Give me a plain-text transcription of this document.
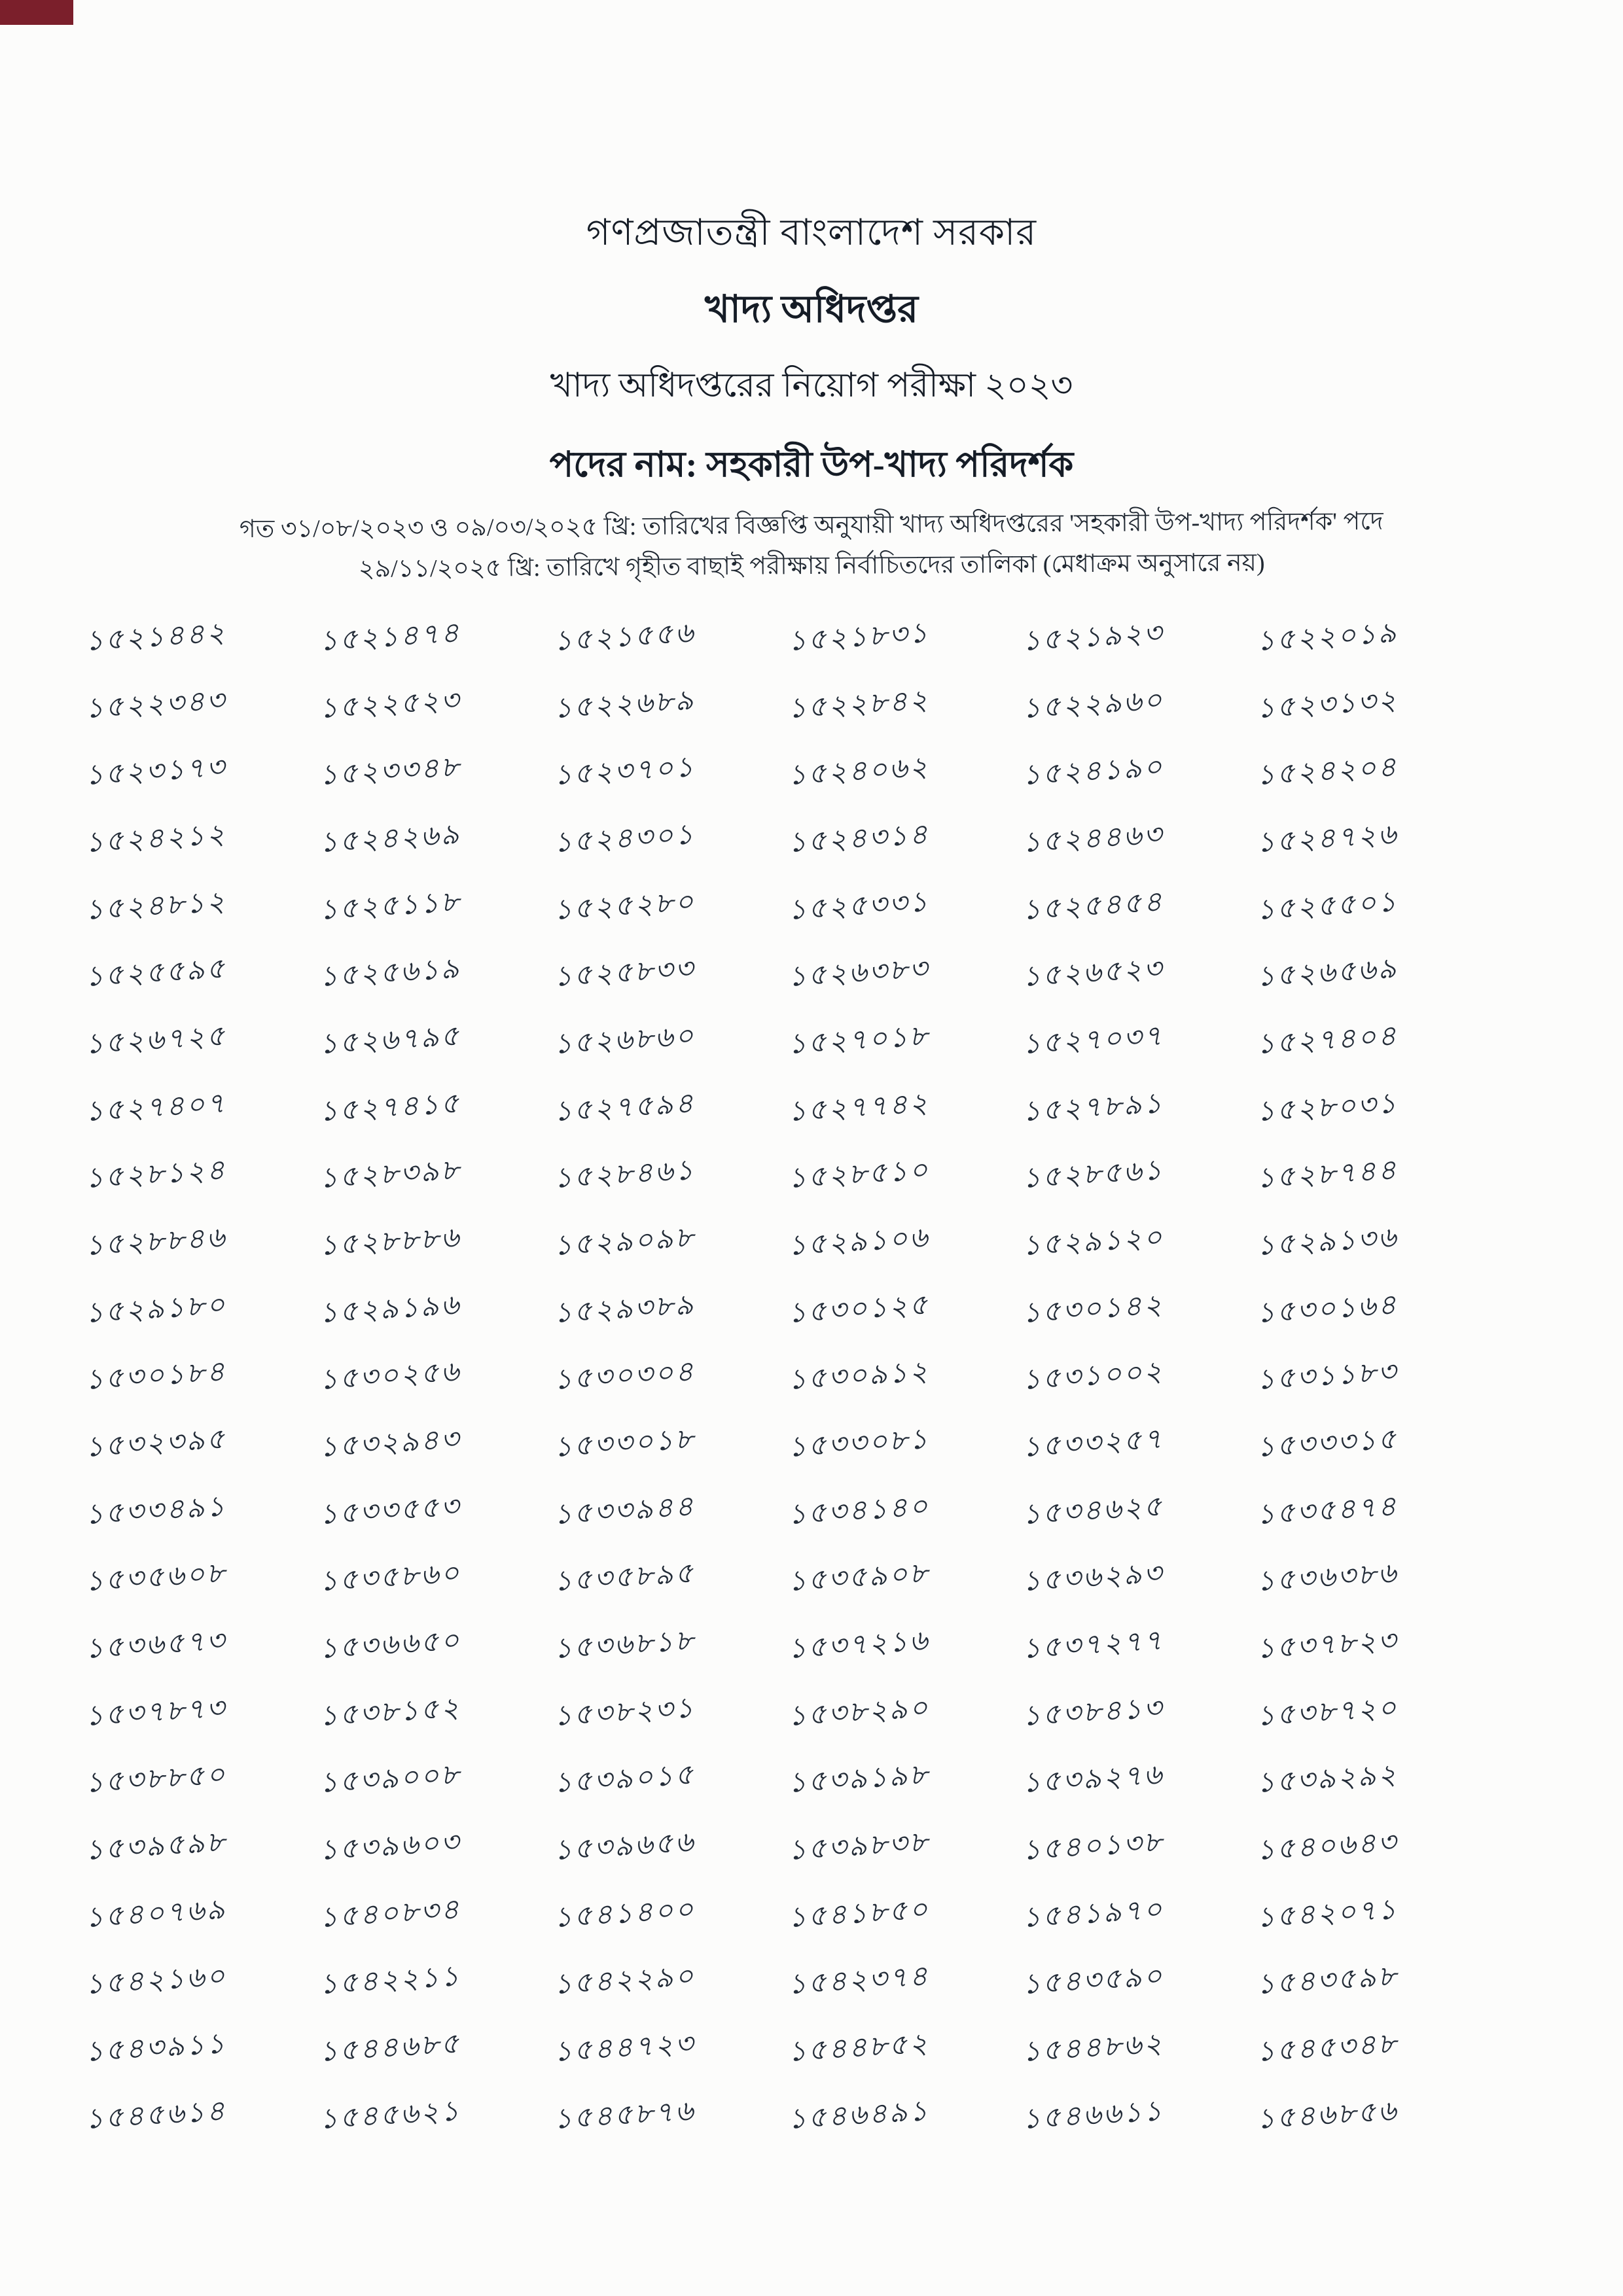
গণপ্রজাতন্ত্রী বাংলাদেশ সরকার
খাদ্য অধিদপ্তর
খাদ্য অধিদপ্তরের নিয়োগ পরীক্ষা ২০২৩
পদের নাম: সহকারী উপ-খাদ্য পরিদর্শক
গত ৩১/০৮/২০২৩ ও ০৯/০৩/২০২৫ খ্রি: তারিখের বিজ্ঞপ্তি অনুযায়ী খাদ্য অধিদপ্তরের 'সহকারী উপ-খাদ্য পরিদর্শক' পদে
২৯/১১/২০২৫ খ্রি: তারিখে গৃহীত বাছাই পরীক্ষায় নির্বাচিতদের তালিকা (মেধাক্রম অনুসারে নয়)
১৫২১৪৪২	১৫২১৪৭৪	১৫২১৫৫৬	১৫২১৮৩১	১৫২১৯২৩	১৫২২০১৯
১৫২২৩৪৩	১৫২২৫২৩	১৫২২৬৮৯	১৫২২৮৪২	১৫২২৯৬০	১৫২৩১৩২
১৫২৩১৭৩	১৫২৩৩৪৮	১৫২৩৭০১	১৫২৪০৬২	১৫২৪১৯০	১৫২৪২০৪
১৫২৪২১২	১৫২৪২৬৯	১৫২৪৩০১	১৫২৪৩১৪	১৫২৪৪৬৩	১৫২৪৭২৬
১৫২৪৮১২	১৫২৫১১৮	১৫২৫২৮০	১৫২৫৩৩১	১৫২৫৪৫৪	১৫২৫৫০১
১৫২৫৫৯৫	১৫২৫৬১৯	১৫২৫৮৩৩	১৫২৬৩৮৩	১৫২৬৫২৩	১৫২৬৫৬৯
১৫২৬৭২৫	১৫২৬৭৯৫	১৫২৬৮৬০	১৫২৭০১৮	১৫২৭০৩৭	১৫২৭৪০৪
১৫২৭৪০৭	১৫২৭৪১৫	১৫২৭৫৯৪	১৫২৭৭৪২	১৫২৭৮৯১	১৫২৮০৩১
১৫২৮১২৪	১৫২৮৩৯৮	১৫২৮৪৬১	১৫২৮৫১০	১৫২৮৫৬১	১৫২৮৭৪৪
১৫২৮৮৪৬	১৫২৮৮৮৬	১৫২৯০৯৮	১৫২৯১০৬	১৫২৯১২০	১৫২৯১৩৬
১৫২৯১৮০	১৫২৯১৯৬	১৫২৯৩৮৯	১৫৩০১২৫	১৫৩০১৪২	১৫৩০১৬৪
১৫৩০১৮৪	১৫৩০২৫৬	১৫৩০৩০৪	১৫৩০৯১২	১৫৩১০০২	১৫৩১১৮৩
১৫৩২৩৯৫	১৫৩২৯৪৩	১৫৩৩০১৮	১৫৩৩০৮১	১৫৩৩২৫৭	১৫৩৩৩১৫
১৫৩৩৪৯১	১৫৩৩৫৫৩	১৫৩৩৯৪৪	১৫৩৪১৪০	১৫৩৪৬২৫	১৫৩৫৪৭৪
১৫৩৫৬০৮	১৫৩৫৮৬০	১৫৩৫৮৯৫	১৫৩৫৯০৮	১৫৩৬২৯৩	১৫৩৬৩৮৬
১৫৩৬৫৭৩	১৫৩৬৬৫০	১৫৩৬৮১৮	১৫৩৭২১৬	১৫৩৭২৭৭	১৫৩৭৮২৩
১৫৩৭৮৭৩	১৫৩৮১৫২	১৫৩৮২৩১	১৫৩৮২৯০	১৫৩৮৪১৩	১৫৩৮৭২০
১৫৩৮৮৫০	১৫৩৯০০৮	১৫৩৯০১৫	১৫৩৯১৯৮	১৫৩৯২৭৬	১৫৩৯২৯২
১৫৩৯৫৯৮	১৫৩৯৬০৩	১৫৩৯৬৫৬	১৫৩৯৮৩৮	১৫৪০১৩৮	১৫৪০৬৪৩
১৫৪০৭৬৯	১৫৪০৮৩৪	১৫৪১৪০০	১৫৪১৮৫০	১৫৪১৯৭০	১৫৪২০৭১
১৫৪২১৬০	১৫৪২২১১	১৫৪২২৯০	১৫৪২৩৭৪	১৫৪৩৫৯০	১৫৪৩৫৯৮
১৫৪৩৯১১	১৫৪৪৬৮৫	১৫৪৪৭২৩	১৫৪৪৮৫২	১৫৪৪৮৬২	১৫৪৫৩৪৮
১৫৪৫৬১৪	১৫৪৫৬২১	১৫৪৫৮৭৬	১৫৪৬৪৯১	১৫৪৬৬১১	১৫৪৬৮৫৬
